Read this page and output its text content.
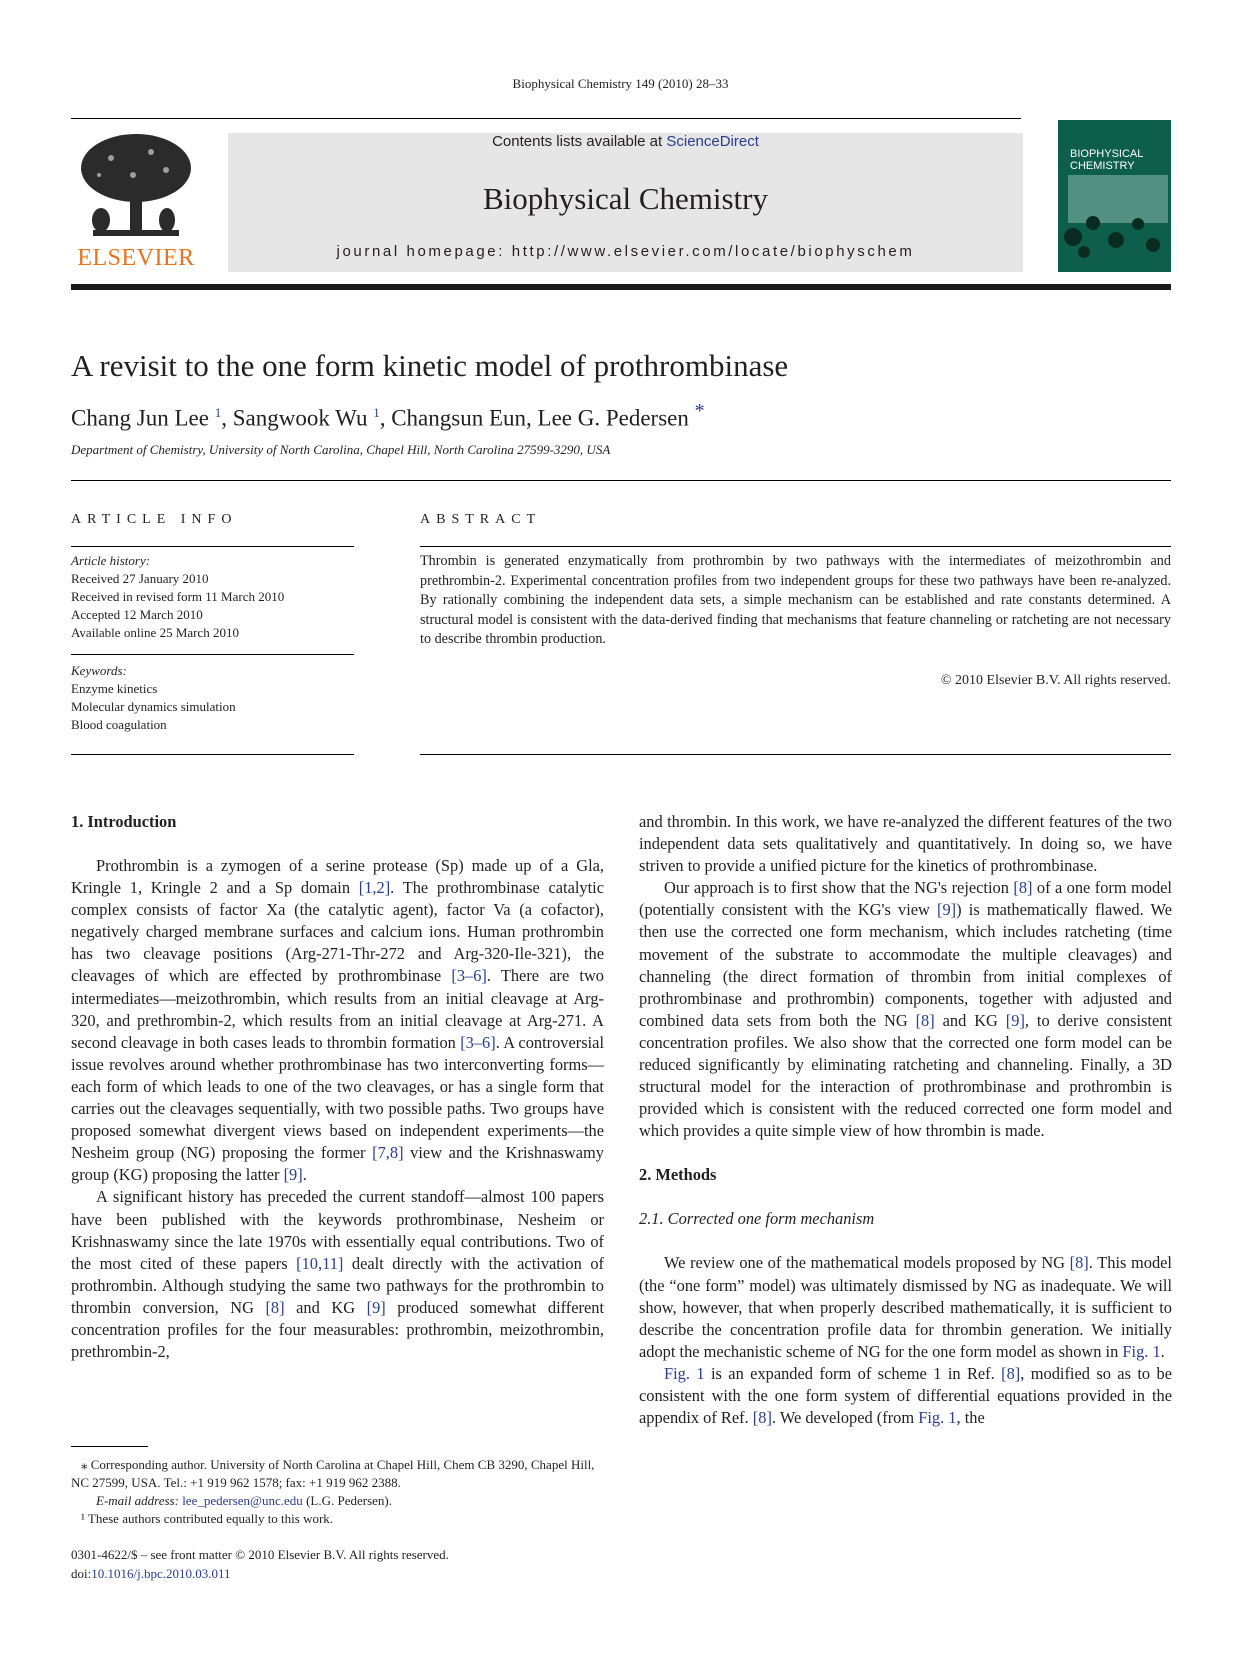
Biophysical Chemistry 149 (2010) 28–33
ELSEVIER
Contents lists available at ScienceDirect
Biophysical Chemistry
journal homepage: http://www.elsevier.com/locate/biophyschem
BIOPHYSICAL
CHEMISTRY
A revisit to the one form kinetic model of prothrombinase
Chang Jun Lee $^1$, Sangwook Wu $^1$, Changsun Eun, Lee G. Pedersen *
Department of Chemistry, University of North Carolina, Chapel Hill, North Carolina 27599-3290, USA
ARTICLE INFO
Article history:
Received 27 January 2010
Received in revised form 11 March 2010
Accepted 12 March 2010
Available online 25 March 2010
Keywords:
Enzyme kinetics
Molecular dynamics simulation
Blood coagulation
ABSTRACT
Thrombin is generated enzymatically from prothrombin by two pathways with the intermediates of meizothrombin and prethrombin-2. Experimental concentration profiles from two independent groups for these two pathways have been re-analyzed. By rationally combining the independent data sets, a simple mechanism can be established and rate constants determined. A structural model is consistent with the data-derived finding that mechanisms that feature channeling or ratcheting are not necessary to describe thrombin production.
© 2010 Elsevier B.V. All rights reserved.
1. Introduction

Prothrombin is a zymogen of a serine protease (Sp) made up of a Gla, Kringle 1, Kringle 2 and a Sp domain [1,2]. The prothrombinase catalytic complex consists of factor Xa (the catalytic agent), factor Va (a cofactor), negatively charged membrane surfaces and calcium ions. Human prothrombin has two cleavage positions (Arg-271-Thr-272 and Arg-320-Ile-321), the cleavages of which are effected by prothrombinase [3–6]. There are two intermediates—meizothrombin, which results from an initial cleavage at Arg-320, and prethrombin-2, which results from an initial cleavage at Arg-271. A second cleavage in both cases leads to thrombin formation [3–6]. A controversial issue revolves around whether prothrombinase has two interconverting forms—each form of which leads to one of the two cleavages, or has a single form that carries out the cleavages sequentially, with two possible paths. Two groups have proposed somewhat divergent views based on independent experiments—the Nesheim group (NG) proposing the former [7,8] view and the Krishnaswamy group (KG) proposing the latter [9].

A significant history has preceded the current standoff—almost 100 papers have been published with the keywords prothrombinase, Nesheim or Krishnaswamy since the late 1970s with essentially equal contributions. Two of the most cited of these papers [10,11] dealt directly with the activation of prothrombin. Although studying the same two pathways for the prothrombin to thrombin conversion, NG [8] and KG [9] produced somewhat different concentration profiles for the four measurables: prothrombin, meizothrombin, prethrombin-2,

and thrombin. In this work, we have re-analyzed the different features of the two independent data sets qualitatively and quantitatively. In doing so, we have striven to provide a unified picture for the kinetics of prothrombinase.

Our approach is to first show that the NG's rejection [8] of a one form model (potentially consistent with the KG's view [9]) is mathematically flawed. We then use the corrected one form mechanism, which includes ratcheting (time movement of the substrate to accommodate the multiple cleavages) and channeling (the direct formation of thrombin from initial complexes of prothrombinase and prothrombin) components, together with adjusted and combined data sets from both the NG [8] and KG [9], to derive consistent concentration profiles. We also show that the corrected one form model can be reduced significantly by eliminating ratcheting and channeling. Finally, a 3D structural model for the interaction of prothrombinase and prothrombin is provided which is consistent with the reduced corrected one form model and which provides a quite simple view of how thrombin is made.

2. Methods
2.1. Corrected one form mechanism

We review one of the mathematical models proposed by NG [8]. This model (the “one form” model) was ultimately dismissed by NG as inadequate. We will show, however, that when properly described mathematically, it is sufficient to describe the concentration profile data for thrombin generation. We initially adopt the mechanistic scheme of NG for the one form model as shown in Fig. 1.

Fig. 1 is an expanded form of scheme 1 in Ref. [8], modified so as to be consistent with the one form system of differential equations provided in the appendix of Ref. [8]. We developed (from Fig. 1, the

⁎ Corresponding author. University of North Carolina at Chapel Hill, Chem CB 3290, Chapel Hill, NC 27599, USA. Tel.: +1 919 962 1578; fax: +1 919 962 2388.

E-mail address: lee_pedersen@unc.edu (L.G. Pedersen).

¹ These authors contributed equally to this work.

0301-4622/$ – see front matter © 2010 Elsevier B.V. All rights reserved.
doi:10.1016/j.bpc.2010.03.011
